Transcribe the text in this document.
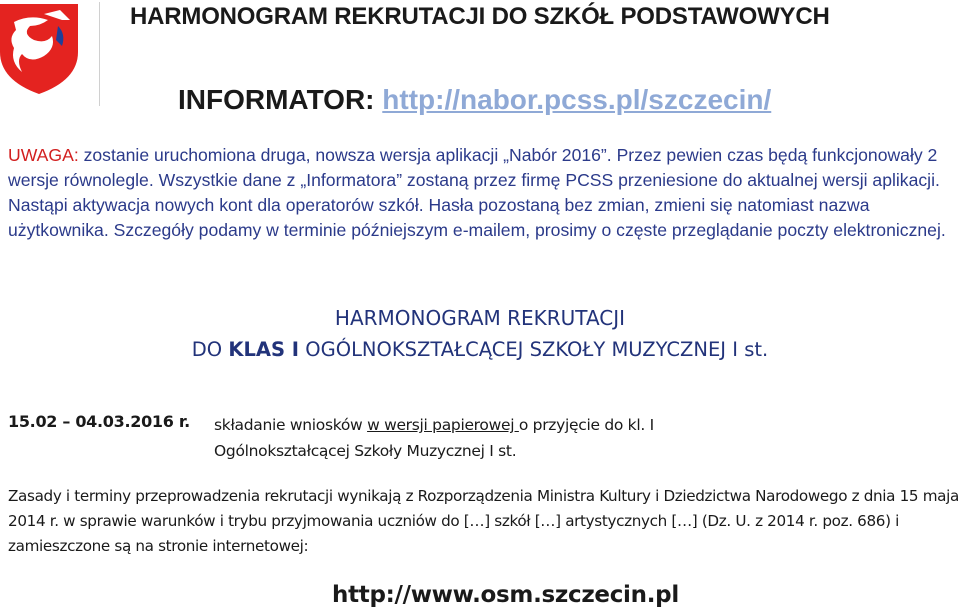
HARMONOGRAM REKRUTACJI DO SZKÓŁ PODSTAWOWYCH
INFORMATOR: http://nabor.pcss.pl/szczecin/
UWAGA: zostanie uruchomiona druga, nowsza wersja aplikacji „Nabór 2016”. Przez pewien czas będą funkcjonowały 2 wersje równolegle. Wszystkie dane z „Informatora” zostaną przez firmę PCSS przeniesione do aktualnej wersji aplikacji. Nastąpi aktywacja nowych kont dla operatorów szkół. Hasła pozostaną bez zmian, zmieni się natomiast nazwa użytkownika. Szczegóły podamy w terminie późniejszym e-mailem, prosimy o częste przeglądanie poczty elektronicznej.
HARMONOGRAM REKRUTACJI
DO KLAS I OGÓLNOKSZTAŁCĄCEJ SZKOŁY MUZYCZNEJ I st.
15.02 – 04.03.2016 r. składanie wniosków w wersji papierowej o przyjęcie do kl. I Ogólnokształcącej Szkoły Muzycznej I st.
Zasady i terminy przeprowadzenia rekrutacji wynikają z Rozporządzenia Ministra Kultury i Dziedzictwa Narodowego z dnia 15 maja 2014 r. w sprawie warunków i trybu przyjmowania uczniów do […] szkół […] artystycznych […] (Dz. U. z 2014 r. poz. 686) i zamieszczone są na stronie internetowej:
http://www.osm.szczecin.pl
